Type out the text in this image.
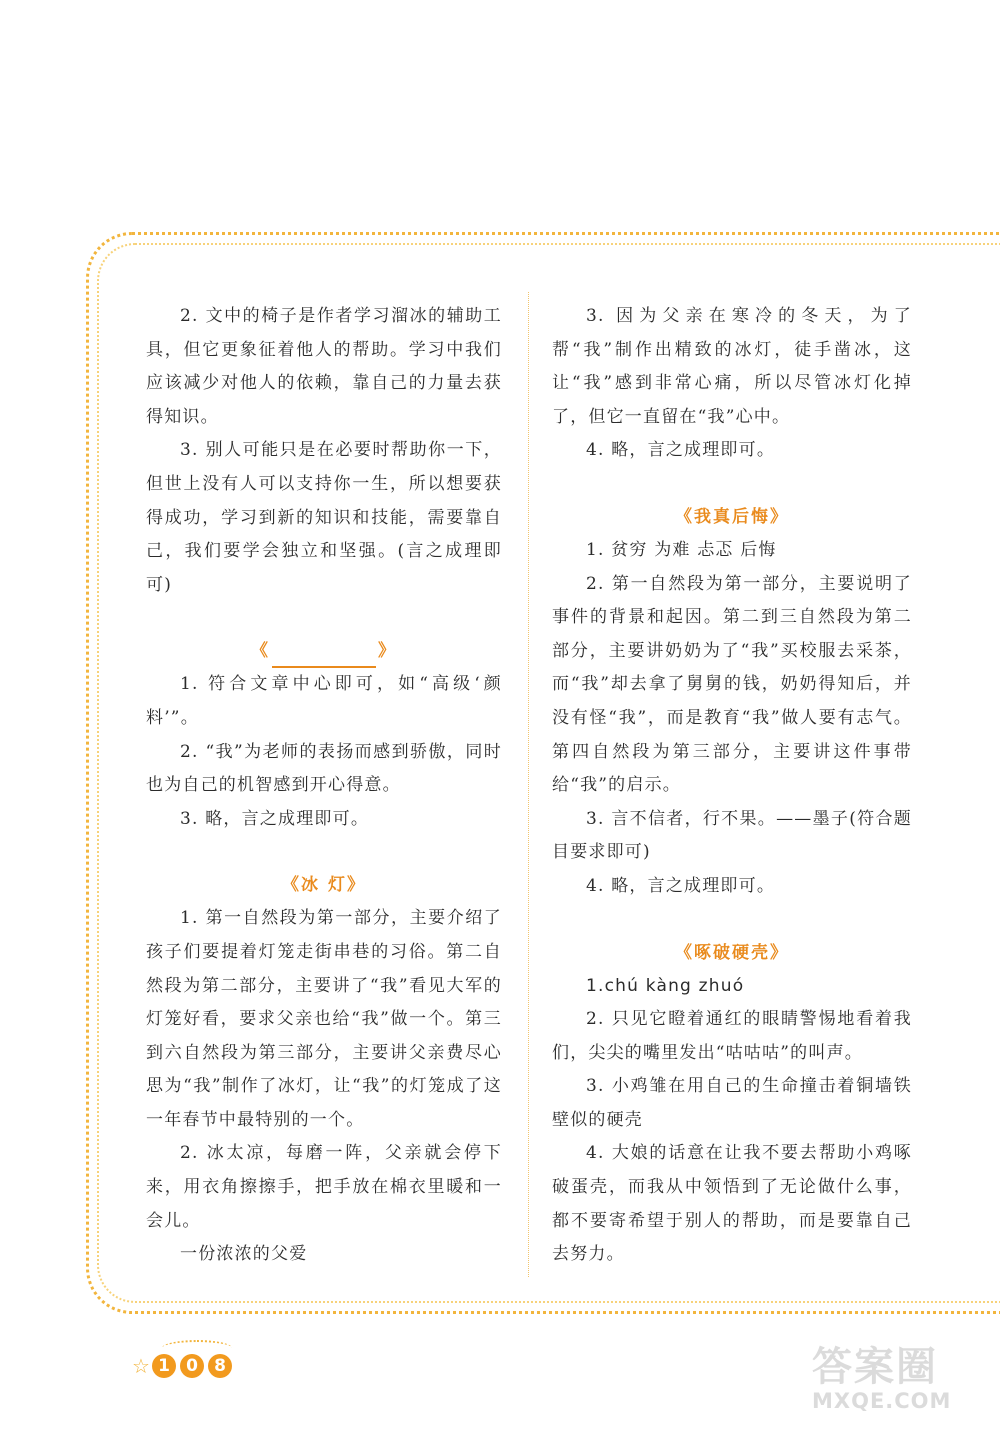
2. 文中的椅子是作者学习溜冰的辅助工具，但它更象征着他人的帮助。学习中我们应该减少对他人的依赖，靠自己的力量去获得知识。

3. 别人可能只是在必要时帮助你一下，但世上没有人可以支持你一生，所以想要获得成功，学习到新的知识和技能，需要靠自己，我们要学会独立和坚强。(言之成理即可)

《	》

1. 符合文章中心即可，如“高级‘颜料’”。

2. “我”为老师的表扬而感到骄傲，同时也为自己的机智感到开心得意。

3. 略，言之成理即可。

《冰 灯》

1. 第一自然段为第一部分，主要介绍了孩子们要提着灯笼走街串巷的习俗。第二自然段为第二部分，主要讲了“我”看见大军的灯笼好看，要求父亲也给“我”做一个。第三到六自然段为第三部分，主要讲父亲费尽心思为“我”制作了冰灯，让“我”的灯笼成了这一年春节中最特别的一个。

2. 冰太凉，每磨一阵，父亲就会停下来，用衣角擦擦手，把手放在棉衣里暖和一会儿。

一份浓浓的父爱

3. 因为父亲在寒冷的冬天，为了帮“我”制作出精致的冰灯，徒手凿冰，这让“我”感到非常心痛，所以尽管冰灯化掉了，但它一直留在“我”心中。

4. 略，言之成理即可。

《我真后悔》

1. 贫穷 为难 忐忑 后悔

2. 第一自然段为第一部分，主要说明了事件的背景和起因。第二到三自然段为第二部分，主要讲奶奶为了“我”买校服去采茶，而“我”却去拿了舅舅的钱，奶奶得知后，并没有怪“我”，而是教育“我”做人要有志气。第四自然段为第三部分，主要讲这件事带给“我”的启示。

3. 言不信者，行不果。——墨子(符合题目要求即可)

4. 略，言之成理即可。

《啄破硬壳》

1.chú kàng zhuó

2. 只见它瞪着通红的眼睛警惕地看着我们，尖尖的嘴里发出“咕咕咕”的叫声。

3. 小鸡雏在用自己的生命撞击着铜墙铁壁似的硬壳

4. 大娘的话意在让我不要去帮助小鸡啄破蛋壳，而我从中领悟到了无论做什么事，都不要寄希望于别人的帮助，而是要靠自己去努力。

☆ 1 0 8	答案圈
MXQE.COM
